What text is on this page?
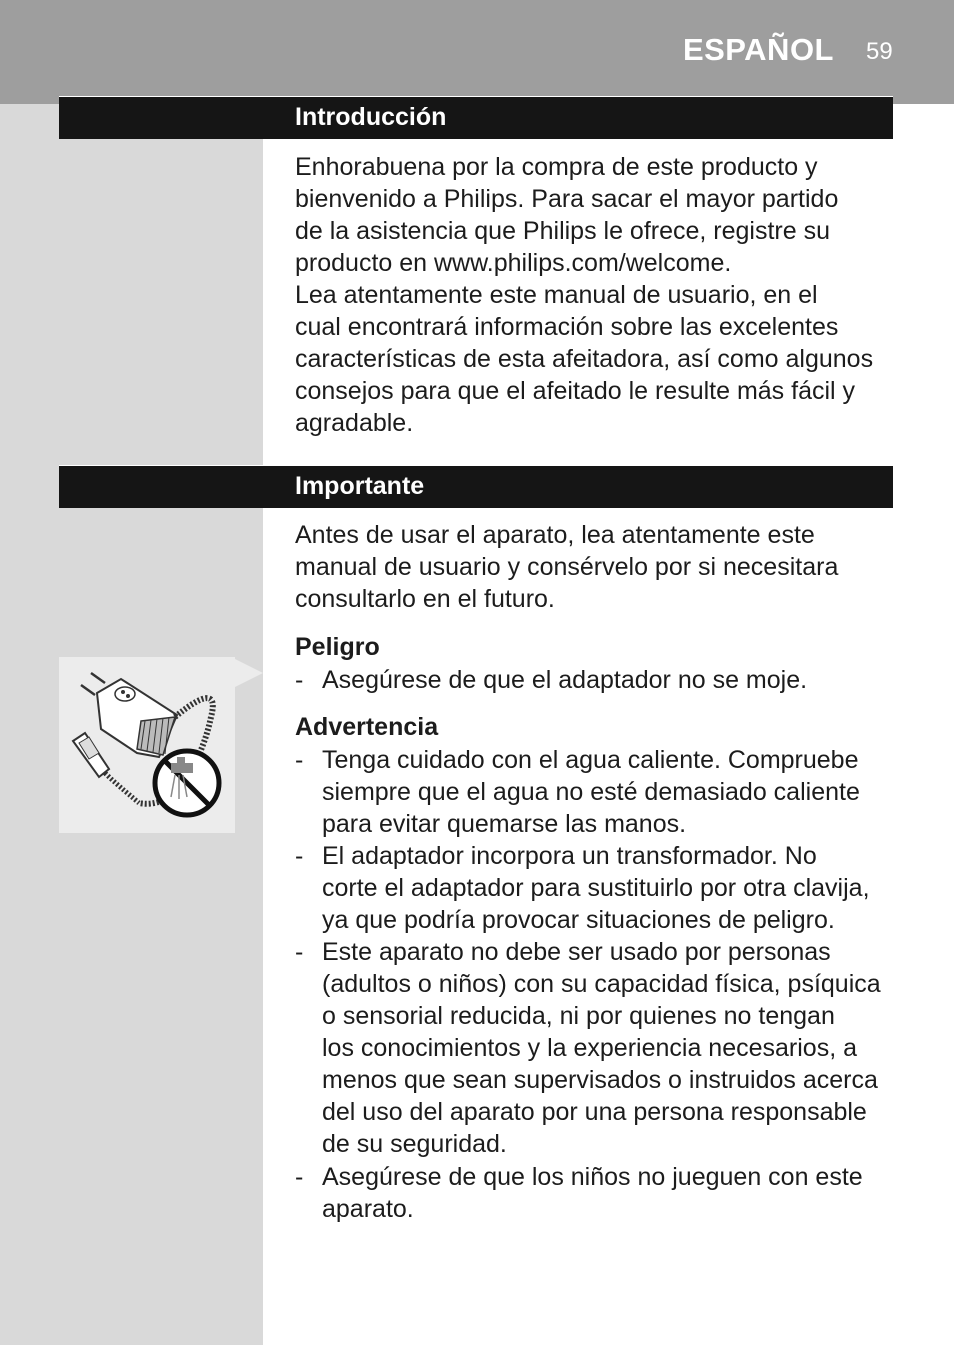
ESPAÑOL 59
Introducción
Enhorabuena por la compra de este producto y
bienvenido a Philips. Para sacar el mayor partido
de la asistencia que Philips le ofrece, registre su
producto en www.philips.com/welcome.
Lea atentamente este manual de usuario, en el
cual encontrará información sobre las excelentes
características de esta afeitadora, así como algunos
consejos para que el afeitado le resulte más fácil y
agradable.
Importante
Antes de usar el aparato, lea atentamente este
manual de usuario y consérvelo por si necesitara
consultarlo en el futuro.
Peligro
- Asegúrese de que el adaptador no se moje.
Advertencia
- Tenga cuidado con el agua caliente. Compruebe
siempre que el agua no esté demasiado caliente
para evitar quemarse las manos.
- El adaptador incorpora un transformador. No
corte el adaptador para sustituirlo por otra clavija,
ya que podría provocar situaciones de peligro.
- Este aparato no debe ser usado por personas
(adultos o niños) con su capacidad física, psíquica
o sensorial reducida, ni por quienes no tengan
los conocimientos y la experiencia necesarios, a
menos que sean supervisados o instruidos acerca
del uso del aparato por una persona responsable
de su seguridad.
- Asegúrese de que los niños no jueguen con este
aparato.
